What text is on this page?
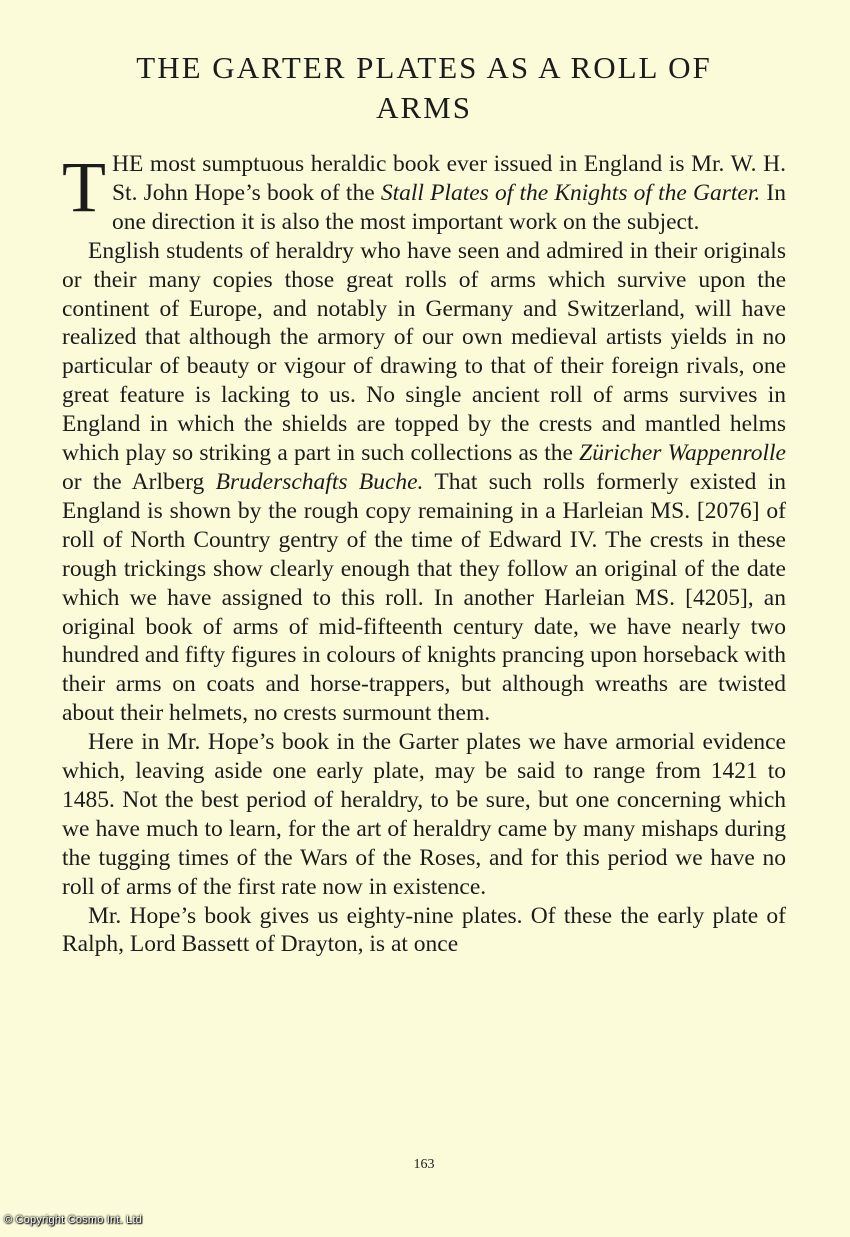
THE GARTER PLATES AS A ROLL OF
ARMS

THE most sumptuous heraldic book ever issued in England is Mr. W. H. St. John Hope’s book of the Stall Plates of the Knights of the Garter. In one direction it is also the most important work on the subject.

English students of heraldry who have seen and admired in their originals or their many copies those great rolls of arms which survive upon the continent of Europe, and notably in Germany and Switzerland, will have realized that although the armory of our own medieval artists yields in no particular of beauty or vigour of drawing to that of their foreign rivals, one great feature is lacking to us. No single ancient roll of arms survives in England in which the shields are topped by the crests and mantled helms which play so striking a part in such collections as the Züricher Wappenrolle or the Arlberg Bruderschafts Buche. That such rolls formerly existed in England is shown by the rough copy remaining in a Harleian MS. [2076] of roll of North Country gentry of the time of Edward IV. The crests in these rough trickings show clearly enough that they follow an original of the date which we have assigned to this roll. In another Harleian MS. [4205], an original book of arms of mid-fifteenth century date, we have nearly two hundred and fifty figures in colours of knights prancing upon horseback with their arms on coats and horse-trappers, but although wreaths are twisted about their helmets, no crests surmount them.

Here in Mr. Hope’s book in the Garter plates we have armorial evidence which, leaving aside one early plate, may be said to range from 1421 to 1485. Not the best period of heraldry, to be sure, but one concerning which we have much to learn, for the art of heraldry came by many mishaps during the tugging times of the Wars of the Roses, and for this period we have no roll of arms of the first rate now in existence.

Mr. Hope’s book gives us eighty-nine plates. Of these the early plate of Ralph, Lord Bassett of Drayton, is at once

163
© Copyright Cosmo Int. Ltd
